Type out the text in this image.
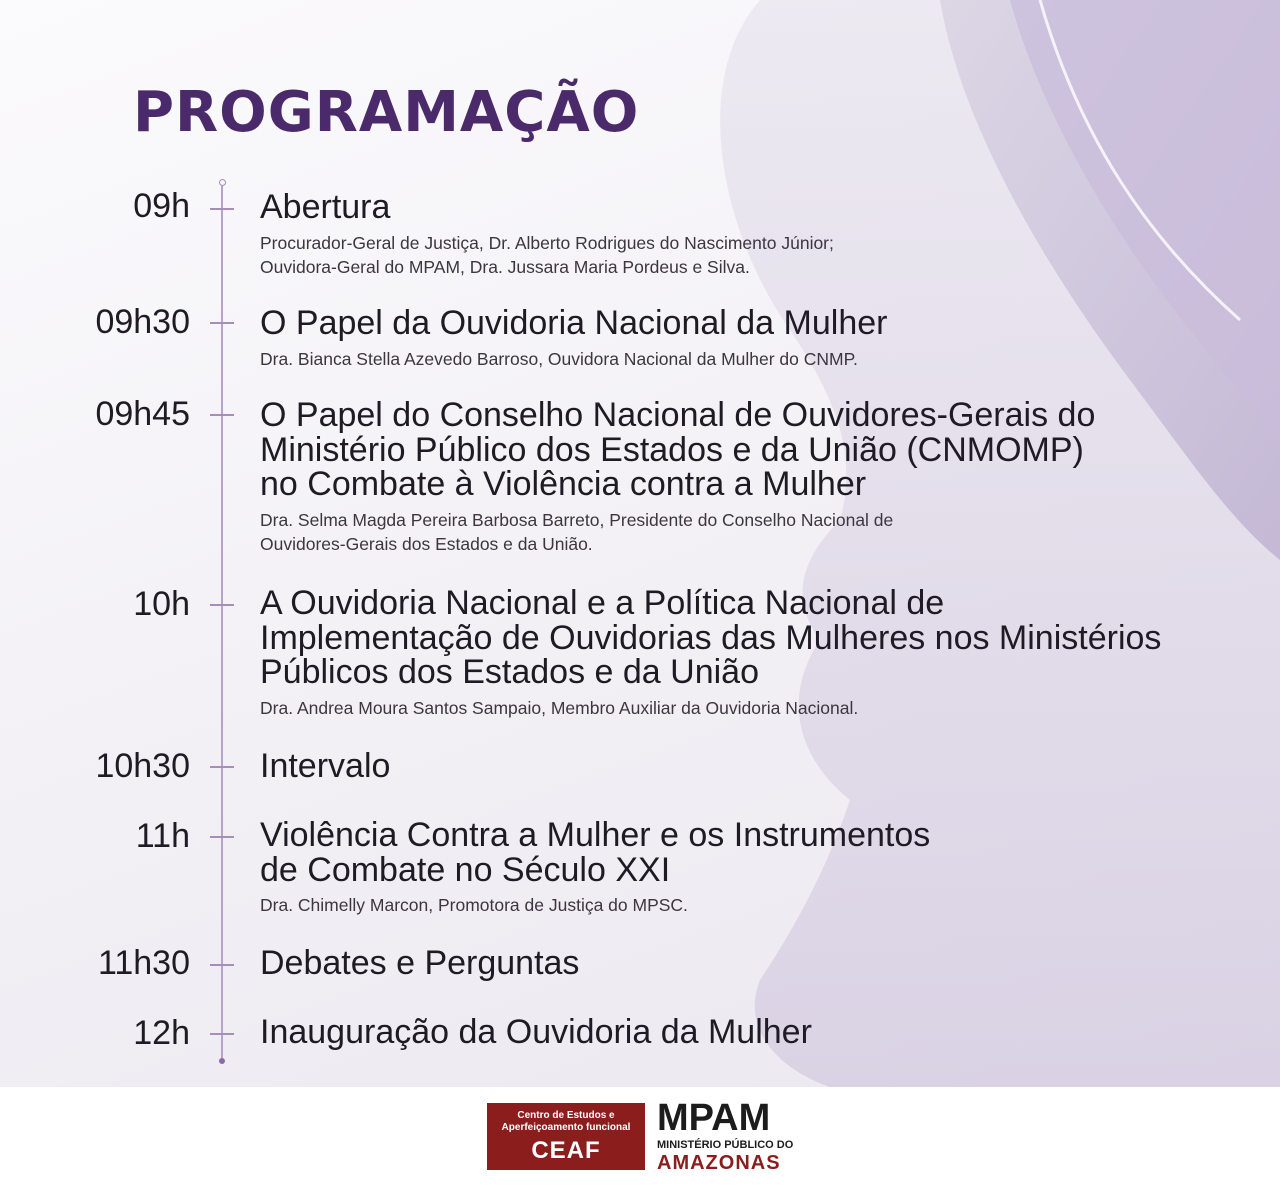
PROGRAMAÇÃO
09h Abertura

Procurador-Geral de Justiça, Dr. Alberto Rodrigues do Nascimento Júnior;
Ouvidora-Geral do MPAM, Dra. Jussara Maria Pordeus e Silva.

09h30 O Papel da Ouvidoria Nacional da Mulher

Dra. Bianca Stella Azevedo Barroso, Ouvidora Nacional da Mulher do CNMP.

09h45 O Papel do Conselho Nacional de Ouvidores-Gerais do
Ministério Público dos Estados e da União (CNMOMP)
no Combate à Violência contra a Mulher

Dra. Selma Magda Pereira Barbosa Barreto, Presidente do Conselho Nacional de
Ouvidores-Gerais dos Estados e da União.

10h A Ouvidoria Nacional e a Política Nacional de
Implementação de Ouvidorias das Mulheres nos Ministérios
Públicos dos Estados e da União

Dra. Andrea Moura Santos Sampaio, Membro Auxiliar da Ouvidoria Nacional.

10h30 Intervalo
11h Violência Contra a Mulher e os Instrumentos
de Combate no Século XXI

Dra. Chimelly Marcon, Promotora de Justiça do MPSC.

11h30 Debates e Perguntas
12h Inauguração da Ouvidoria da Mulher
Centro de Estudos e
Aperfeiçoamento funcional
CEAF
MPAM
MINISTÉRIO PÚBLICO DO
AMAZONAS
